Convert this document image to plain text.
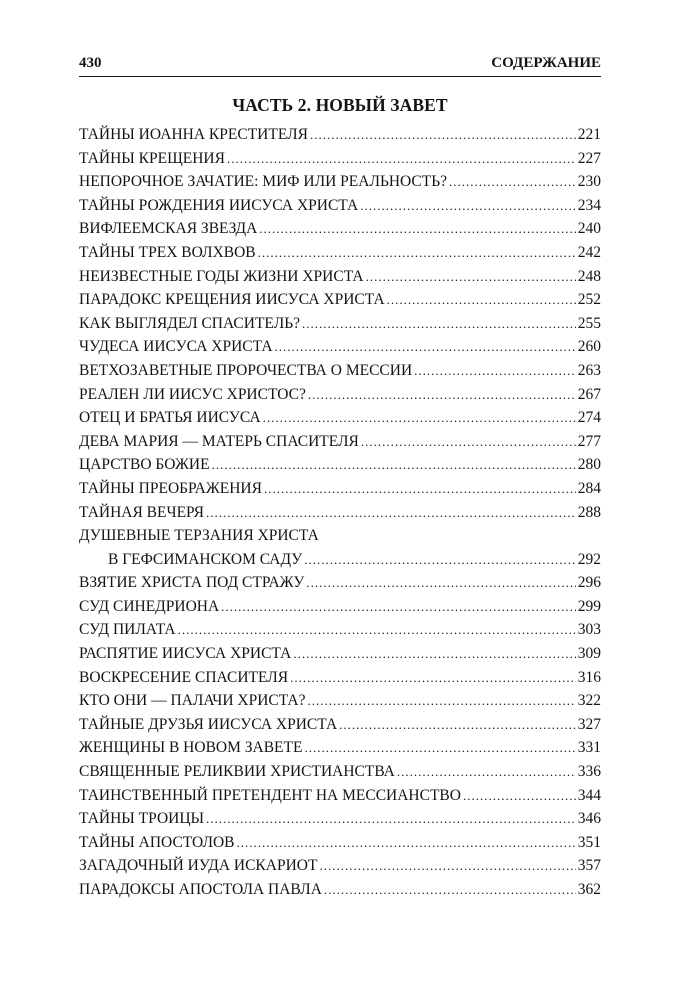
430	СОДЕРЖАНИЕ
ЧАСТЬ 2. НОВЫЙ ЗАВЕТ
ТАЙНЫ ИОАННА КРЕСТИТЕЛЯ .....	221
ТАЙНЫ КРЕЩЕНИЯ .....	227
НЕПОРОЧНОЕ ЗАЧАТИЕ: МИФ ИЛИ РЕАЛЬНОСТЬ? .....	230
ТАЙНЫ РОЖДЕНИЯ ИИСУСА ХРИСТА .....	234
ВИФЛЕЕМСКАЯ ЗВЕЗДА .....	240
ТАЙНЫ ТРЕХ ВОЛХВОВ .....	242
НЕИЗВЕСТНЫЕ ГОДЫ ЖИЗНИ ХРИСТА .....	248
ПАРАДОКС КРЕЩЕНИЯ ИИСУСА ХРИСТА .....	252
КАК ВЫГЛЯДЕЛ СПАСИТЕЛЬ? .....	255
ЧУДЕСА ИИСУСА ХРИСТА .....	260
ВЕТХОЗАВЕТНЫЕ ПРОРОЧЕСТВА О МЕССИИ .....	263
РЕАЛЕН ЛИ ИИСУС ХРИСТОС? .....	267
ОТЕЦ И БРАТЬЯ ИИСУСА .....	274
ДЕВА МАРИЯ — МАТЕРЬ СПАСИТЕЛЯ .....	277
ЦАРСТВО БОЖИЕ .....	280
ТАЙНЫ ПРЕОБРАЖЕНИЯ .....	284
ТАЙНАЯ ВЕЧЕРЯ .....	288
ДУШЕВНЫЕ ТЕРЗАНИЯ ХРИСТА
В ГЕФСИМАНСКОМ САДУ .....	292
ВЗЯТИЕ ХРИСТА ПОД СТРАЖУ .....	296
СУД СИНЕДРИОНА .....	299
СУД ПИЛАТА .....	303
РАСПЯТИЕ ИИСУСА ХРИСТА .....	309
ВОСКРЕСЕНИЕ СПАСИТЕЛЯ .....	316
КТО ОНИ — ПАЛАЧИ ХРИСТА? .....	322
ТАЙНЫЕ ДРУЗЬЯ ИИСУСА ХРИСТА .....	327
ЖЕНЩИНЫ В НОВОМ ЗАВЕТЕ .....	331
СВЯЩЕННЫЕ РЕЛИКВИИ ХРИСТИАНСТВА .....	336
ТАИНСТВЕННЫЙ ПРЕТЕНДЕНТ НА МЕССИАНСТВО .....	344
ТАЙНЫ ТРОИЦЫ .....	346
ТАЙНЫ АПОСТОЛОВ .....	351
ЗАГАДОЧНЫЙ ИУДА ИСКАРИОТ .....	357
ПАРАДОКСЫ АПОСТОЛА ПАВЛА .....	362
